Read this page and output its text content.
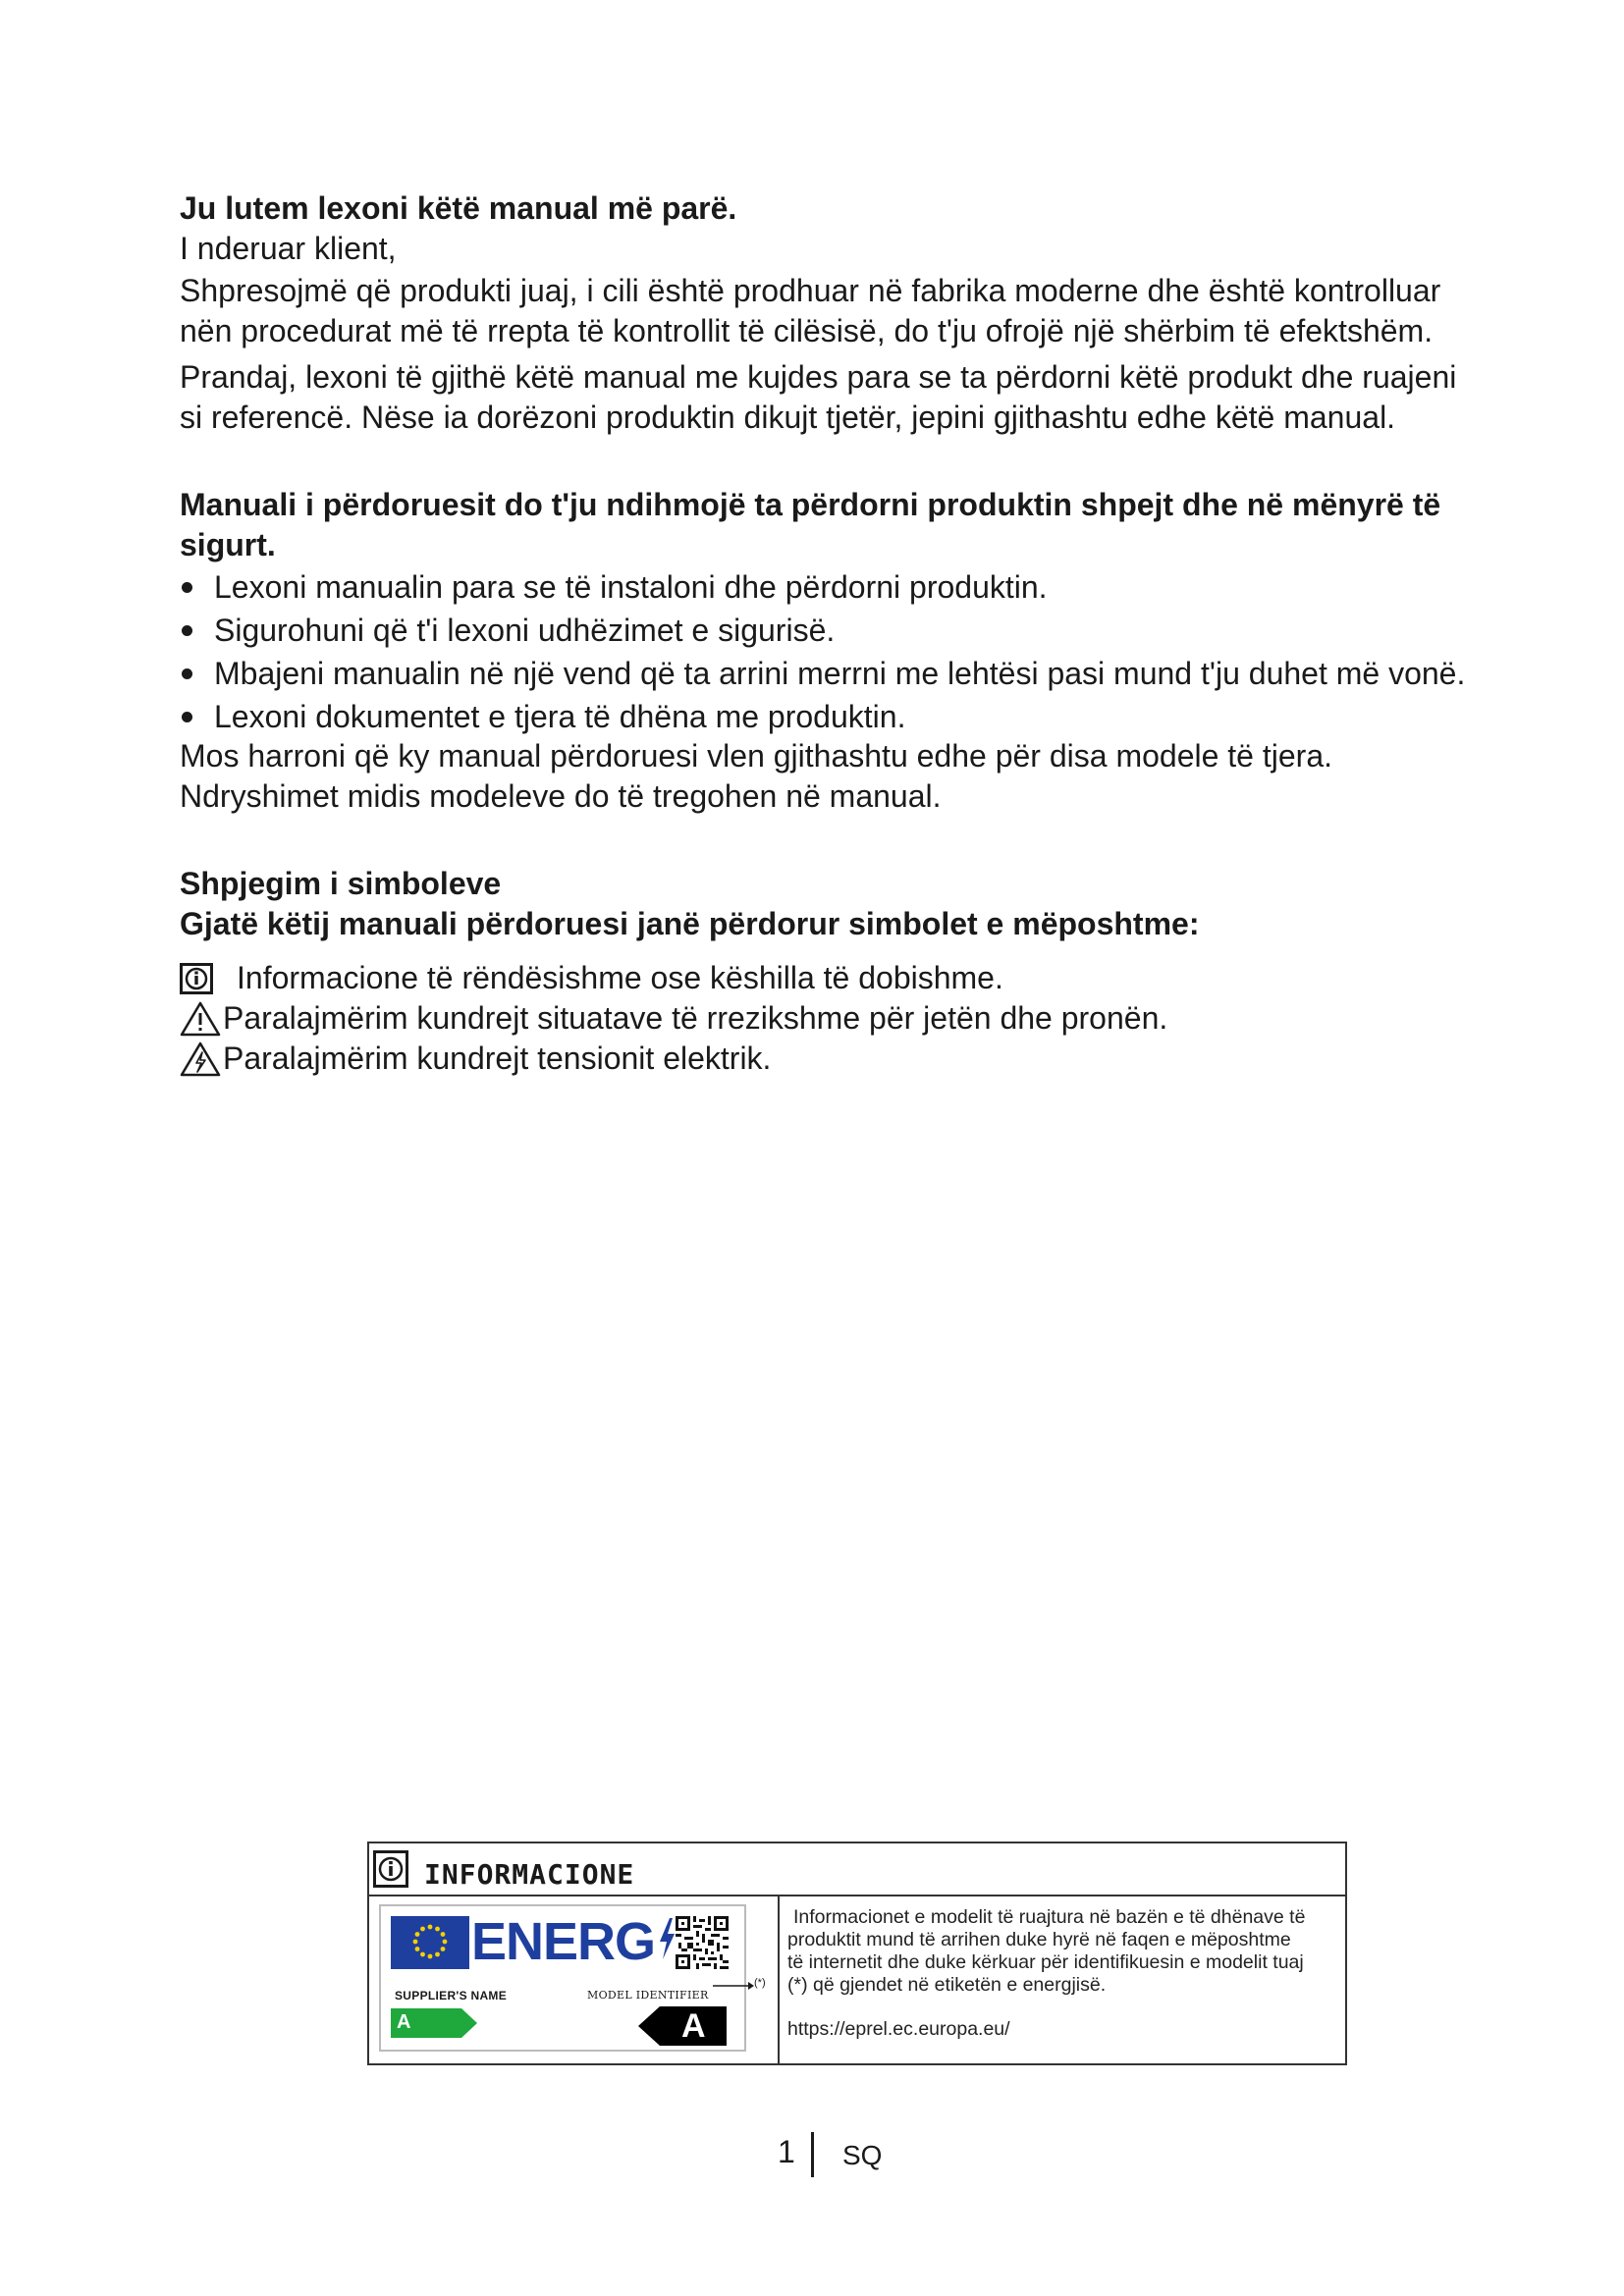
Ju lutem lexoni këtë manual më parë.

I nderuar klient,

Shpresojmë që produkti juaj, i cili është prodhuar në fabrika moderne dhe është kontrolluar nën procedurat më të rrepta të kontrollit të cilësisë, do t'ju ofrojë një shërbim të efektshëm.

Prandaj, lexoni të gjithë këtë manual me kujdes para se ta përdorni këtë produkt dhe ruajeni si referencë. Nëse ia dorëzoni produktin dikujt tjetër, jepini gjithashtu edhe këtë manual.

Manuali i përdoruesit do t'ju ndihmojë ta përdorni produktin shpejt dhe në mënyrë të sigurt.

Lexoni manualin para se të instaloni dhe përdorni produktin.
Sigurohuni që t'i lexoni udhëzimet e sigurisë.
Mbajeni manualin në një vend që ta arrini merrni me lehtësi pasi mund t'ju duhet më vonë.
Lexoni dokumentet e tjera të dhëna me produktin.

Mos harroni që ky manual përdoruesi vlen gjithashtu edhe për disa modele të tjera.

Ndryshimet midis modeleve do të tregohen në manual.

Shpjegim i simboleve

Gjatë këtij manuali përdoruesi janë përdorur simbolet e mëposhtme:

Informacione të rëndësishme ose këshilla të dobishme.
Paralajmërim kundrejt situatave të rrezikshme për jetën dhe pronën.
Paralajmërim kundrejt tensionit elektrik.
INFORMACIONE
ENERG
SUPPLIER'S NAME	MODEL IDENTIFIER
A	A
(*)

Informacionet e modelit të ruajtura në bazën e të dhënave të

produktit mund të arrihen duke hyrë në faqen e mëposhtme

të internetit dhe duke kërkuar për identifikuesin e modelit tuaj

(*) që gjendet në etiketën e energjisë.

https://eprel.ec.europa.eu/

1 SQ
